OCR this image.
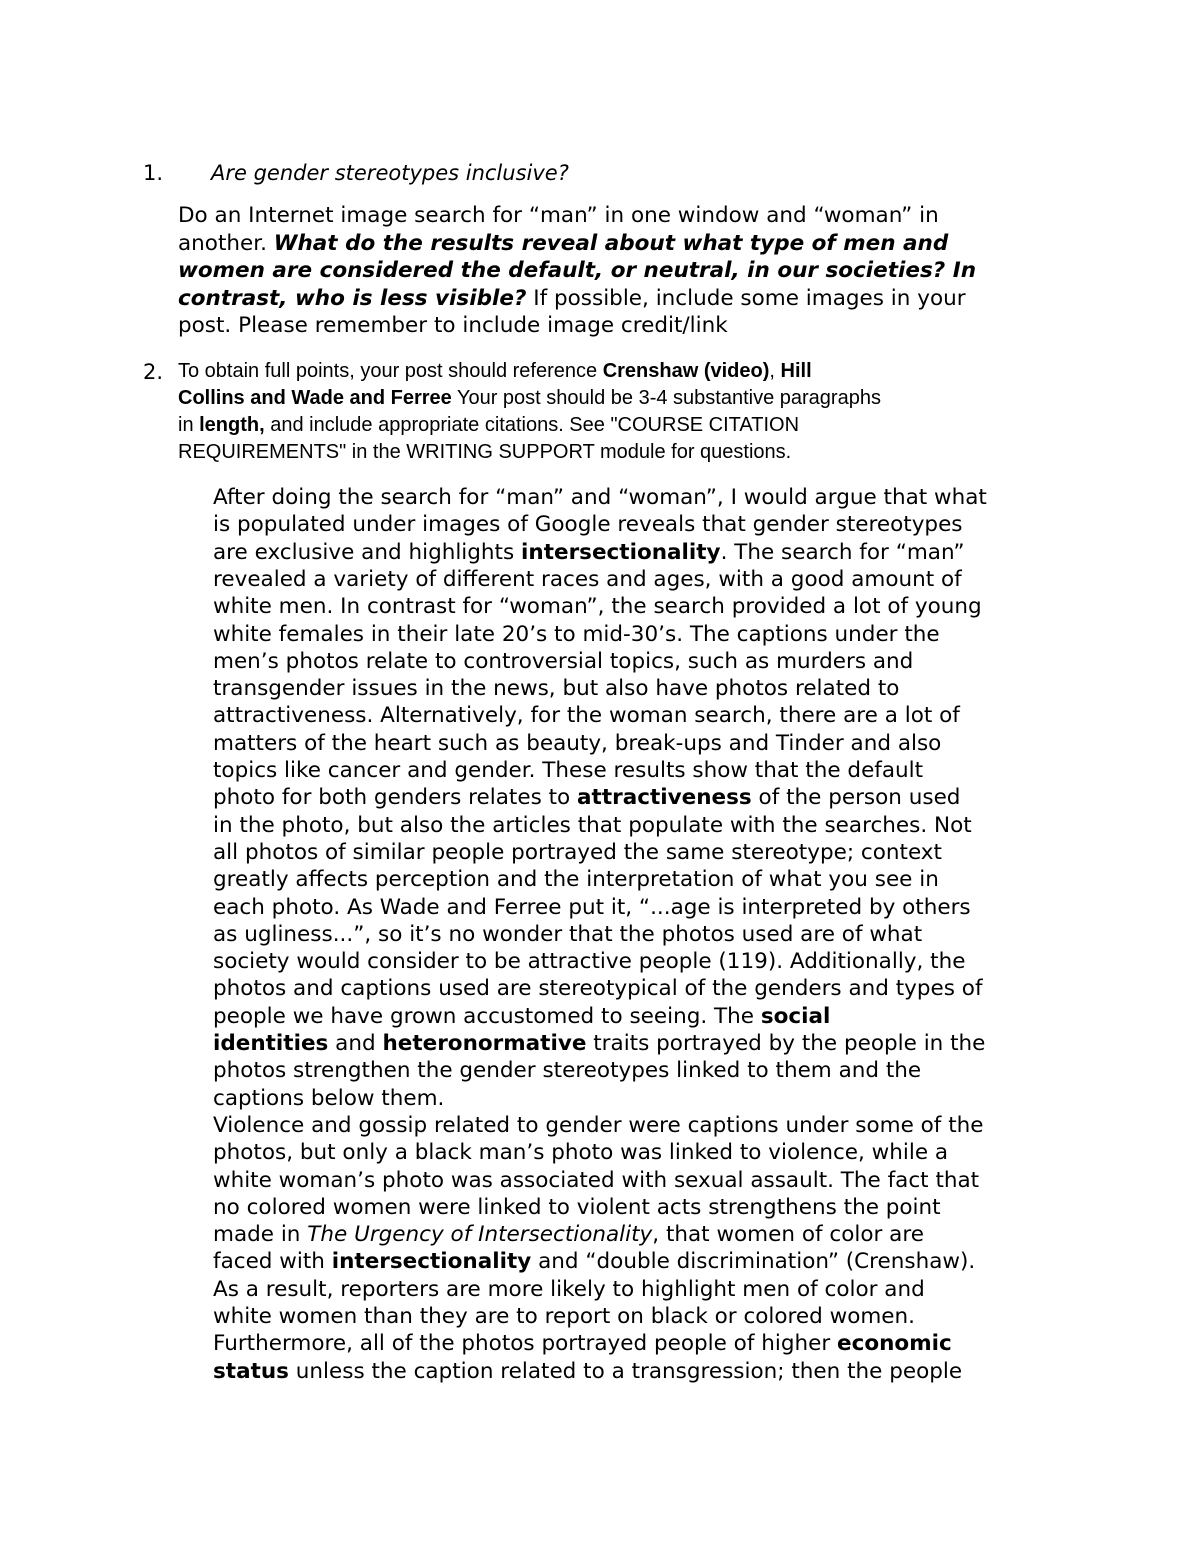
1. Are gender stereotypes inclusive?
Do an Internet image search for “man” in one window and “woman” in
another. What do the results reveal about what type of men and
women are considered the default, or neutral, in our societies? In
contrast, who is less visible? If possible, include some images in your
post. Please remember to include image credit/link
2. To obtain full points, your post should reference Crenshaw (video), Hill
Collins and Wade and Ferree Your post should be 3-4 substantive paragraphs
in length, and include appropriate citations. See "COURSE CITATION
REQUIREMENTS" in the WRITING SUPPORT module for questions.
After doing the search for “man” and “woman”, I would argue that what
is populated under images of Google reveals that gender stereotypes
are exclusive and highlights intersectionality. The search for “man”
revealed a variety of different races and ages, with a good amount of
white men. In contrast for “woman”, the search provided a lot of young
white females in their late 20’s to mid-30’s. The captions under the
men’s photos relate to controversial topics, such as murders and
transgender issues in the news, but also have photos related to
attractiveness. Alternatively, for the woman search, there are a lot of
matters of the heart such as beauty, break-ups and Tinder and also
topics like cancer and gender. These results show that the default
photo for both genders relates to attractiveness of the person used
in the photo, but also the articles that populate with the searches. Not
all photos of similar people portrayed the same stereotype; context
greatly affects perception and the interpretation of what you see in
each photo. As Wade and Ferree put it, “...age is interpreted by others
as ugliness...”, so it’s no wonder that the photos used are of what
society would consider to be attractive people (119). Additionally, the
photos and captions used are stereotypical of the genders and types of
people we have grown accustomed to seeing. The social
identities and heteronormative traits portrayed by the people in the
photos strengthen the gender stereotypes linked to them and the
captions below them.
Violence and gossip related to gender were captions under some of the
photos, but only a black man’s photo was linked to violence, while a
white woman’s photo was associated with sexual assault. The fact that
no colored women were linked to violent acts strengthens the point
made in The Urgency of Intersectionality, that women of color are
faced with intersectionality and “double discrimination” (Crenshaw).
As a result, reporters are more likely to highlight men of color and
white women than they are to report on black or colored women.
Furthermore, all of the photos portrayed people of higher economic
status unless the caption related to a transgression; then the people
